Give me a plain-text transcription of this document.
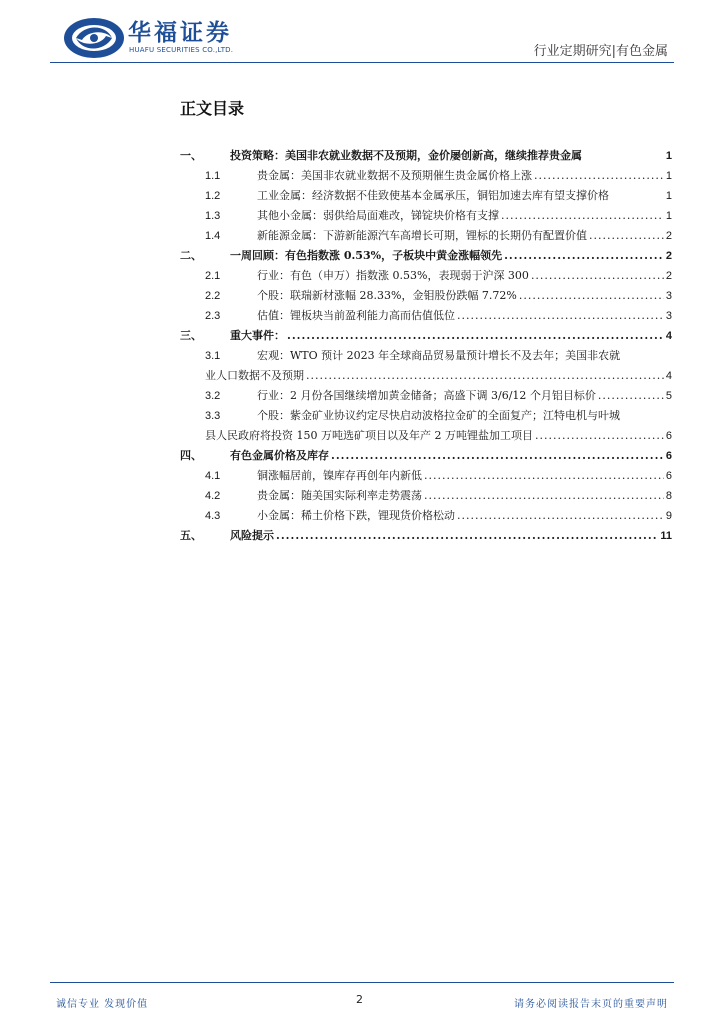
华福证券
HUAFU SECURITIES CO.,LTD.	行业定期研究|有色金属
正文目录
一、	投资策略：美国非农就业数据不及预期，金价屡创新高，继续推荐贵金属	1
1.1	贵金属：美国非农就业数据不及预期催生贵金属价格上涨 .....	1
1.2	工业金属：经济数据不佳致使基本金属承压，铜铝加速去库有望支撑价格	1
1.3	其他小金属：弱供给局面难改，锑锭块价格有支撑 .....	1
1.4	新能源金属：下游新能源汽车高增长可期，锂标的长期仍有配置价值 .....	2
二、	一周回顾：有色指数涨 0.53%，子板块中黄金涨幅领先 .....	2
2.1	行业：有色（申万）指数涨 0.53%，表现弱于沪深 300 .....	2
2.2	个股：联瑞新材涨幅 28.33%，金钼股份跌幅 7.72% .....	3
2.3	估值：锂板块当前盈利能力高而估值低位 .....	3
三、	重大事件： .....	4
3.1	宏观：WTO 预计 2023 年全球商品贸易量预计增长不及去年；美国非农就
业人口数据不及预期 .....	4
3.2	行业：2 月份各国继续增加黄金储备；高盛下调 3/6/12 个月铝目标价 .....	5
3.3	个股：紫金矿业协议约定尽快启动波格拉金矿的全面复产；江特电机与叶城
县人民政府将投资 150 万吨选矿项目以及年产 2 万吨锂盐加工项目 .....	6
四、	有色金属价格及库存 .....	6
4.1	铜涨幅居前，镍库存再创年内新低 .....	6
4.2	贵金属：随美国实际利率走势震荡 .....	8
4.3	小金属：稀土价格下跌，锂现货价格松动 .....	9
五、	风险提示 .....	11
诚信专业 发现价值	2	请务必阅读报告末页的重要声明
